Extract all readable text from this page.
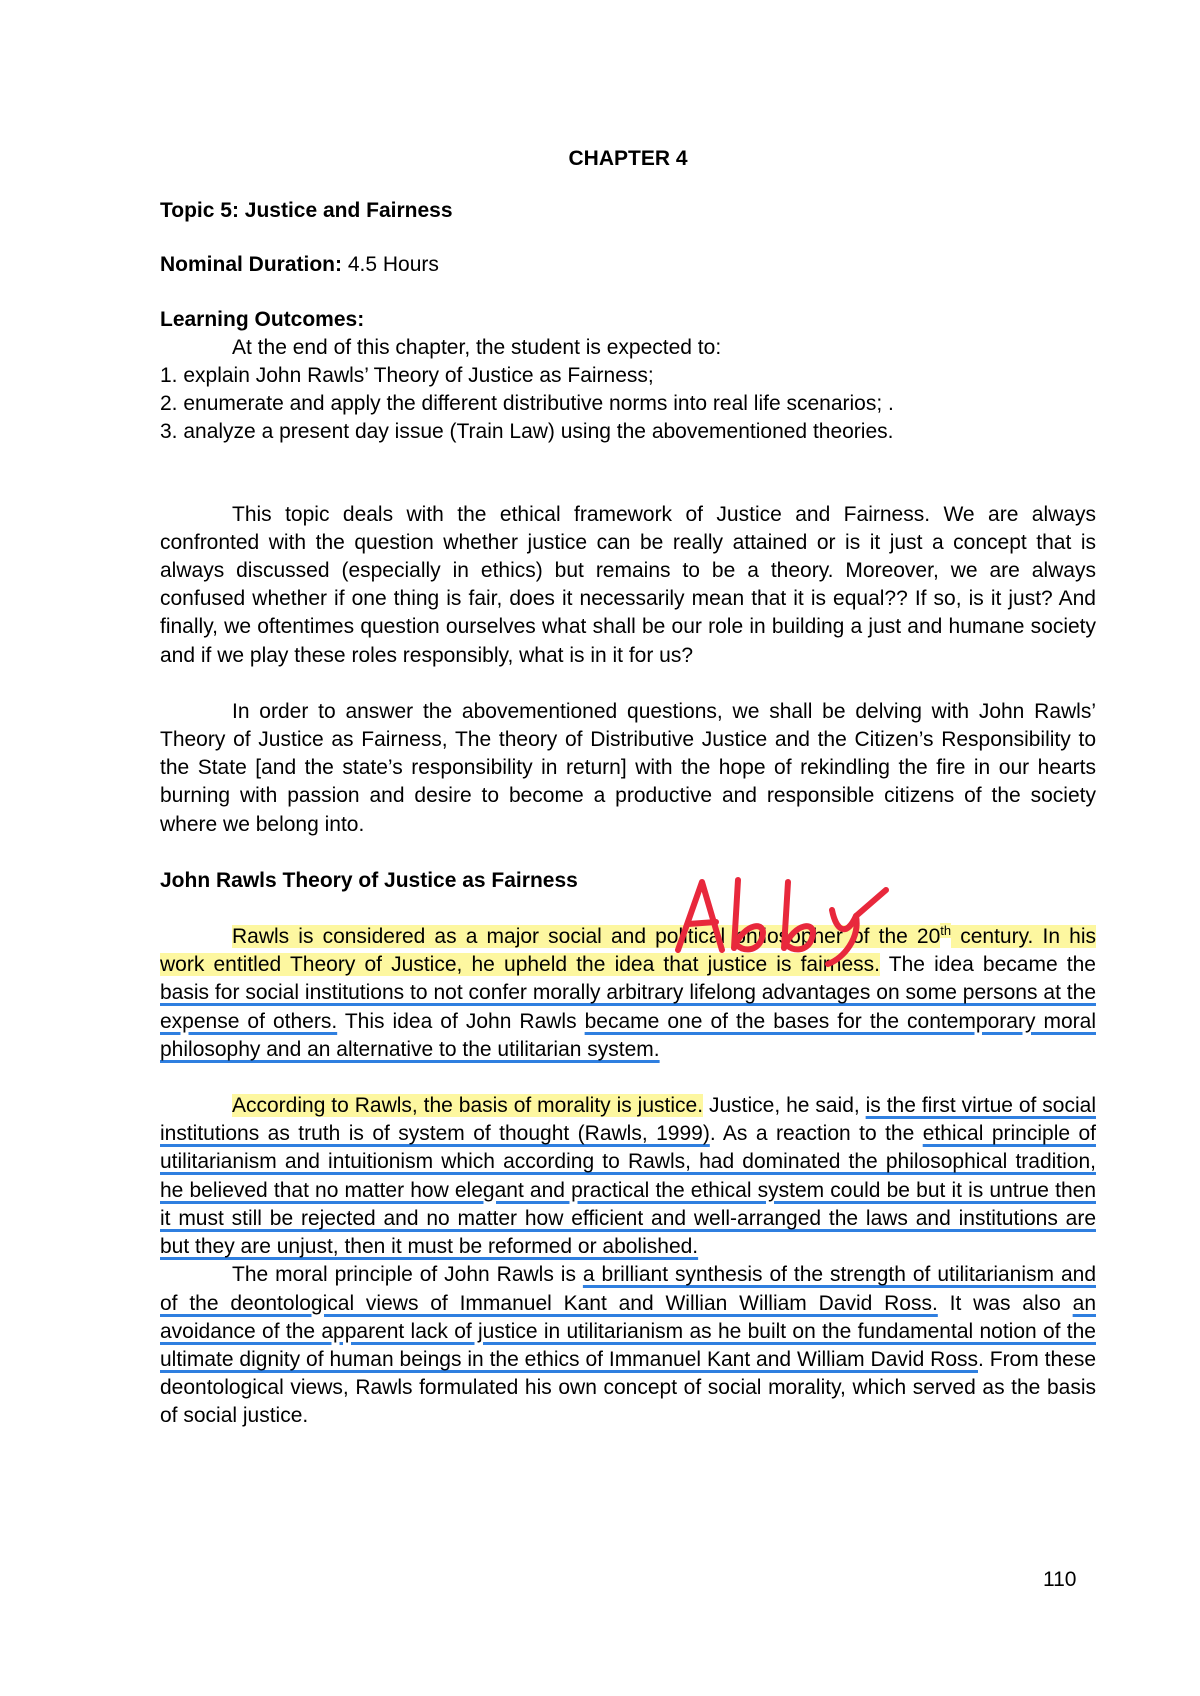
CHAPTER 4
Topic 5: Justice and Fairness
Nominal Duration: 4.5 Hours
Learning Outcomes:
At the end of this chapter, the student is expected to:
1. explain John Rawls’ Theory of Justice as Fairness;
2. enumerate and apply the different distributive norms into real life scenarios; .
3. analyze a present day issue (Train Law) using the abovementioned theories.

This topic deals with the ethical framework of Justice and Fairness. We are always confronted with the question whether justice can be really attained or is it just a concept that is always discussed (especially in ethics) but remains to be a theory. Moreover, we are always confused whether if one thing is fair, does it necessarily mean that it is equal?? If so, is it just? And finally, we oftentimes question ourselves what shall be our role in building a just and humane society and if we play these roles responsibly, what is in it for us?

In order to answer the abovementioned questions, we shall be delving with John Rawls’ Theory of Justice as Fairness, The theory of Distributive Justice and the Citizen’s Responsibility to the State [and the state’s responsibility in return] with the hope of rekindling the fire in our hearts burning with passion and desire to become a productive and responsible citizens of the society where we belong into.

John Rawls Theory of Justice as Fairness

Rawls is considered as a major social and political philosopher of the 20th century. In his work entitled Theory of Justice, he upheld the idea that justice is fairness. The idea became the basis for social institutions to not confer morally arbitrary lifelong advantages on some persons at the expense of others. This idea of John Rawls became one of the bases for the contemporary moral philosophy and an alternative to the utilitarian system.

According to Rawls, the basis of morality is justice. Justice, he said, is the first virtue of social institutions as truth is of system of thought (Rawls, 1999). As a reaction to the ethical principle of utilitarianism and intuitionism which according to Rawls, had dominated the philosophical tradition, he believed that no matter how elegant and practical the ethical system could be but it is untrue then it must still be rejected and no matter how efficient and well-arranged the laws and institutions are but they are unjust, then it must be reformed or abolished.

The moral principle of John Rawls is a brilliant synthesis of the strength of utilitarianism and of the deontological views of Immanuel Kant and Willian William David Ross. It was also an avoidance of the apparent lack of justice in utilitarianism as he built on the fundamental notion of the ultimate dignity of human beings in the ethics of Immanuel Kant and William David Ross. From these deontological views, Rawls formulated his own concept of social morality, which served as the basis of social justice.

110
